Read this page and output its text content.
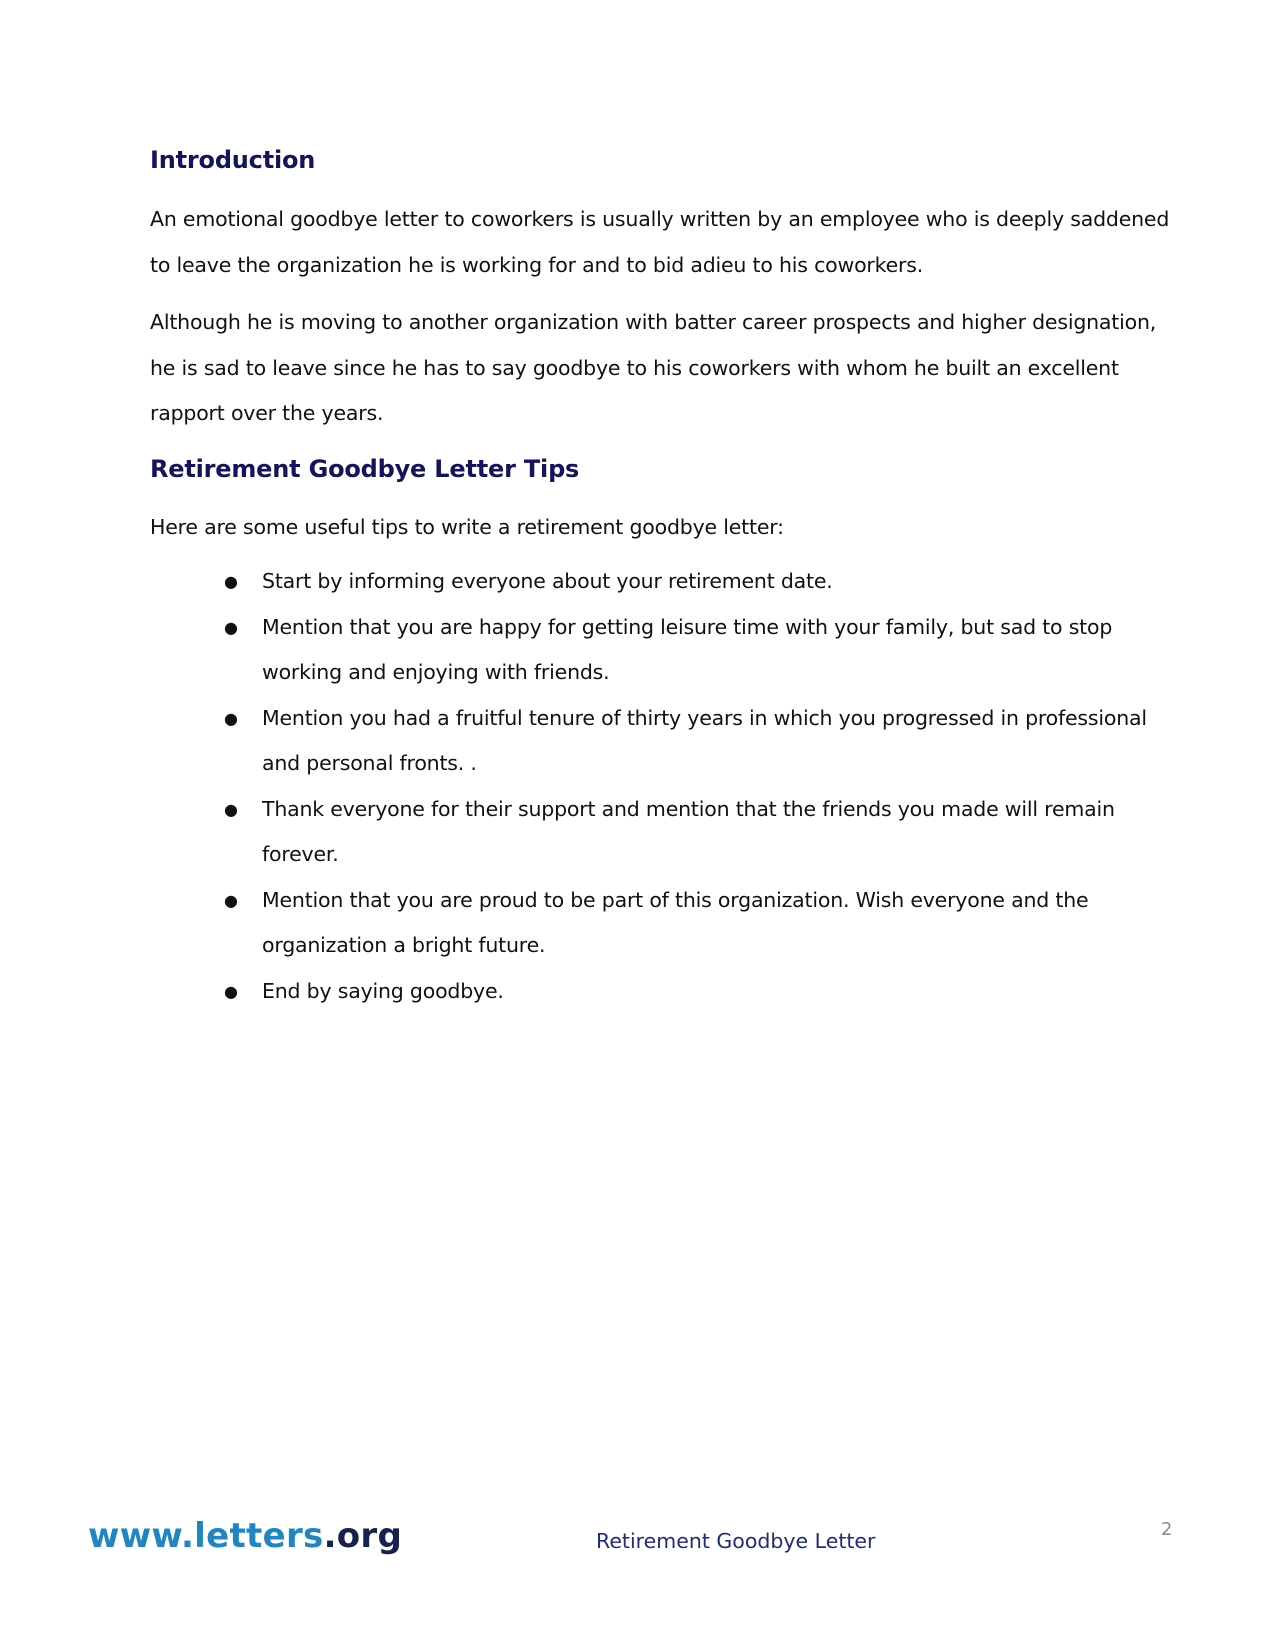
Introduction

An emotional goodbye letter to coworkers is usually written by an employee who is deeply saddened to leave the organization he is working for and to bid adieu to his coworkers.

Although he is moving to another organization with batter career prospects and higher designation, he is sad to leave since he has to say goodbye to his coworkers with whom he built an excellent rapport over the years.

Retirement Goodbye Letter Tips

Here are some useful tips to write a retirement goodbye letter:

● Start by informing everyone about your retirement date.
● Mention that you are happy for getting leisure time with your family, but sad to stop working and enjoying with friends.
● Mention you had a fruitful tenure of thirty years in which you progressed in professional and personal fronts. .
● Thank everyone for their support and mention that the friends you made will remain forever.
● Mention that you are proud to be part of this organization. Wish everyone and the organization a bright future.
● End by saying goodbye.
www.letters.org	Retirement Goodbye Letter	2
